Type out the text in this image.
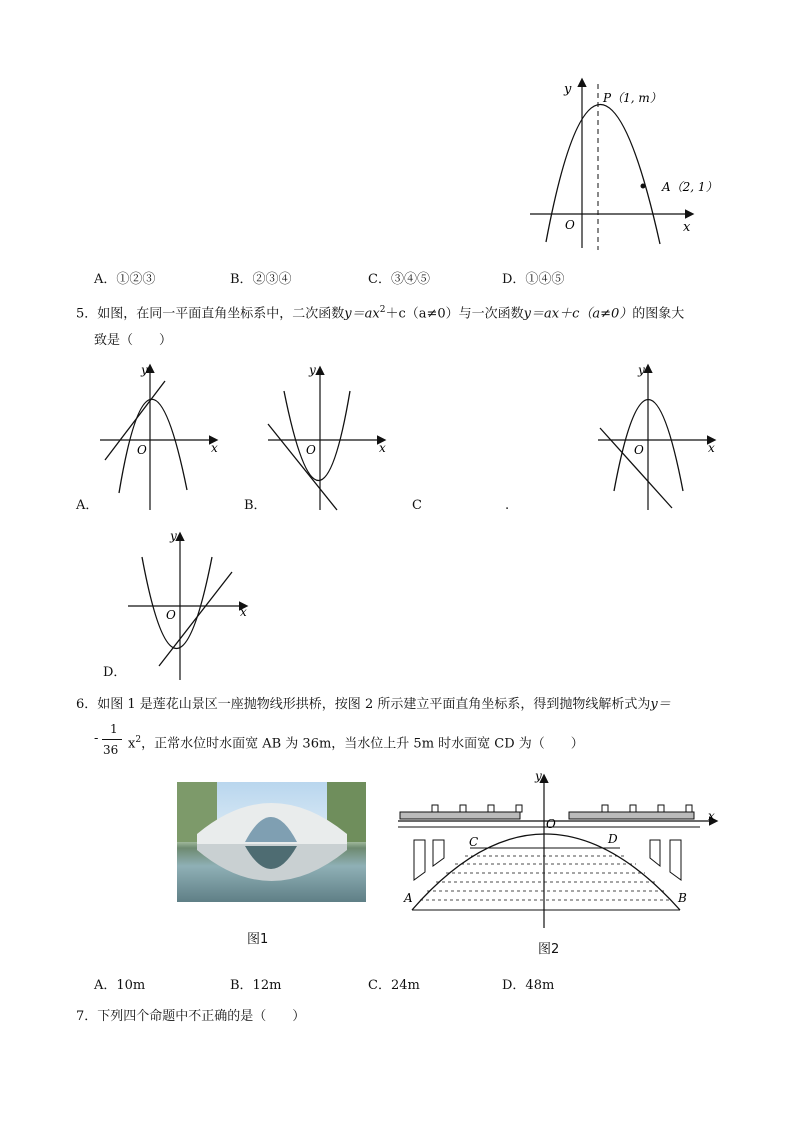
y
x
O
P（1, m）
A（2, 1）
A．①②③	B．②③④	C．③④⑤	D．①④⑤
5．如图，在同一平面直角坐标系中，二次函数$y=ax^2+c(a\ne 0)$与一次函数y＝ax＋c（a≠0）的图象大
致是（　　）
y
x
O
y
x
O
y
x
O
y
x
O
A．	B．	C	.
D．
6．如图 1 是莲花山景区一座抛物线形拱桥，按图 2 所示建立平面直角坐标系，得到抛物线解析式为y＝
-
1
36 $x^2$，正常水位时水面宽 AB 为 36m，当水位上升 5m 时水面宽 CD 为（　　）
图1
y
x
O
C	D
A	B
图2
A．10m	B．12m	C．24m	D．48m
7．下列四个命题中不正确的是（　　）
